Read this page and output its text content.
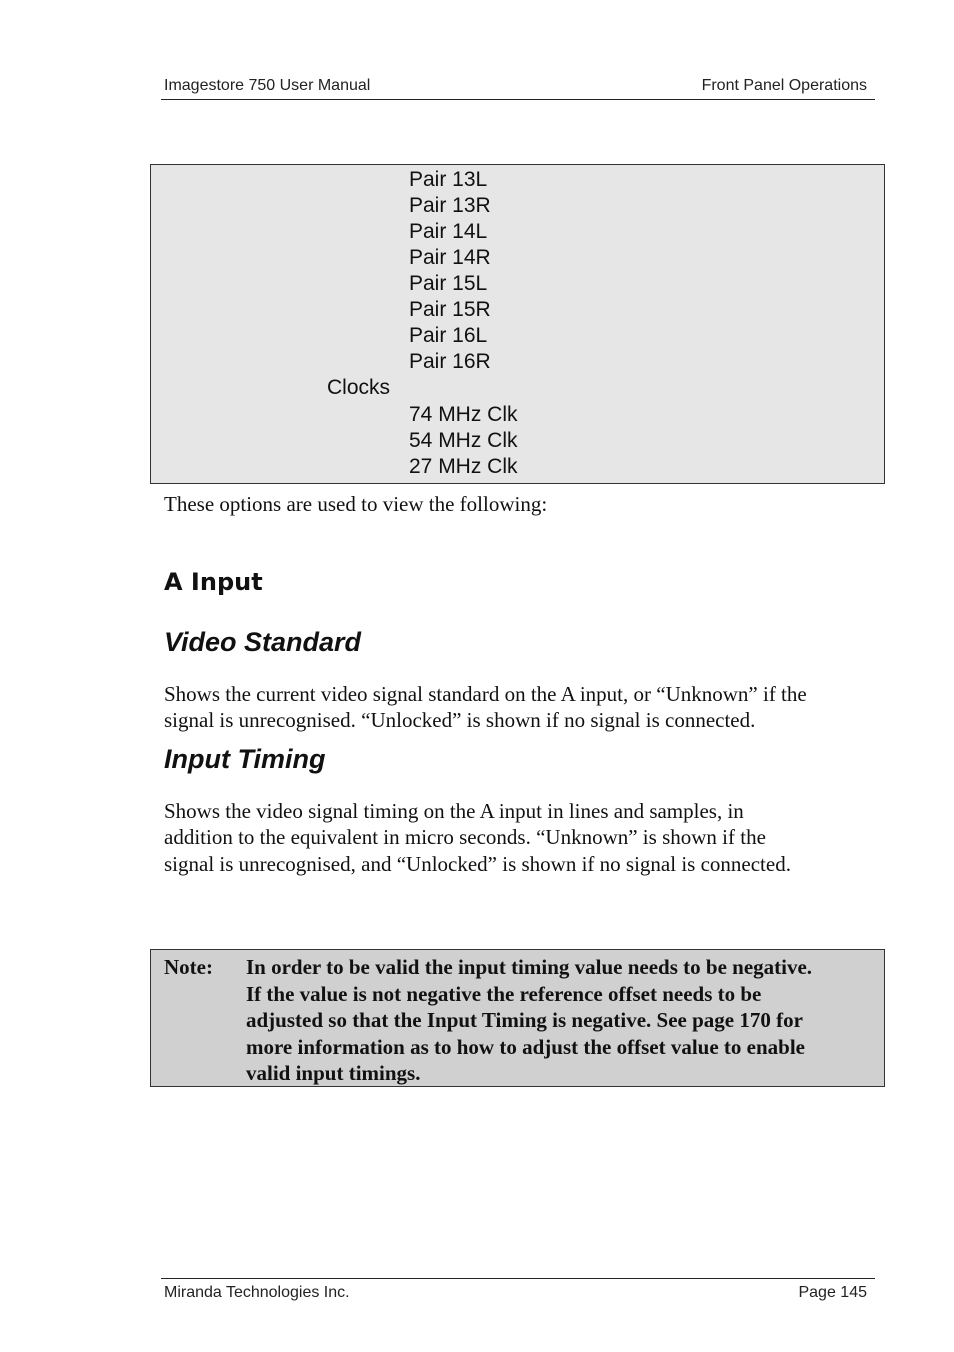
Imagestore 750 User Manual	Front Panel Operations
Pair 13L
Pair 13R
Pair 14L
Pair 14R
Pair 15L
Pair 15R
Pair 16L
Pair 16R
Clocks
74 MHz Clk
54 MHz Clk
27 MHz Clk
These options are used to view the following:
A Input
Video Standard
Shows the current video signal standard on the A input, or “Unknown” if the
signal is unrecognised. “Unlocked” is shown if no signal is connected.
Input Timing
Shows the video signal timing on the A input in lines and samples, in
addition to the equivalent in micro seconds. “Unknown” is shown if the
signal is unrecognised, and “Unlocked” is shown if no signal is connected.
Note: In order to be valid the input timing value needs to be negative.
If the value is not negative the reference offset needs to be
adjusted so that the Input Timing is negative. See page 170 for
more information as to how to adjust the offset value to enable
valid input timings.
Miranda Technologies Inc.	Page 145
